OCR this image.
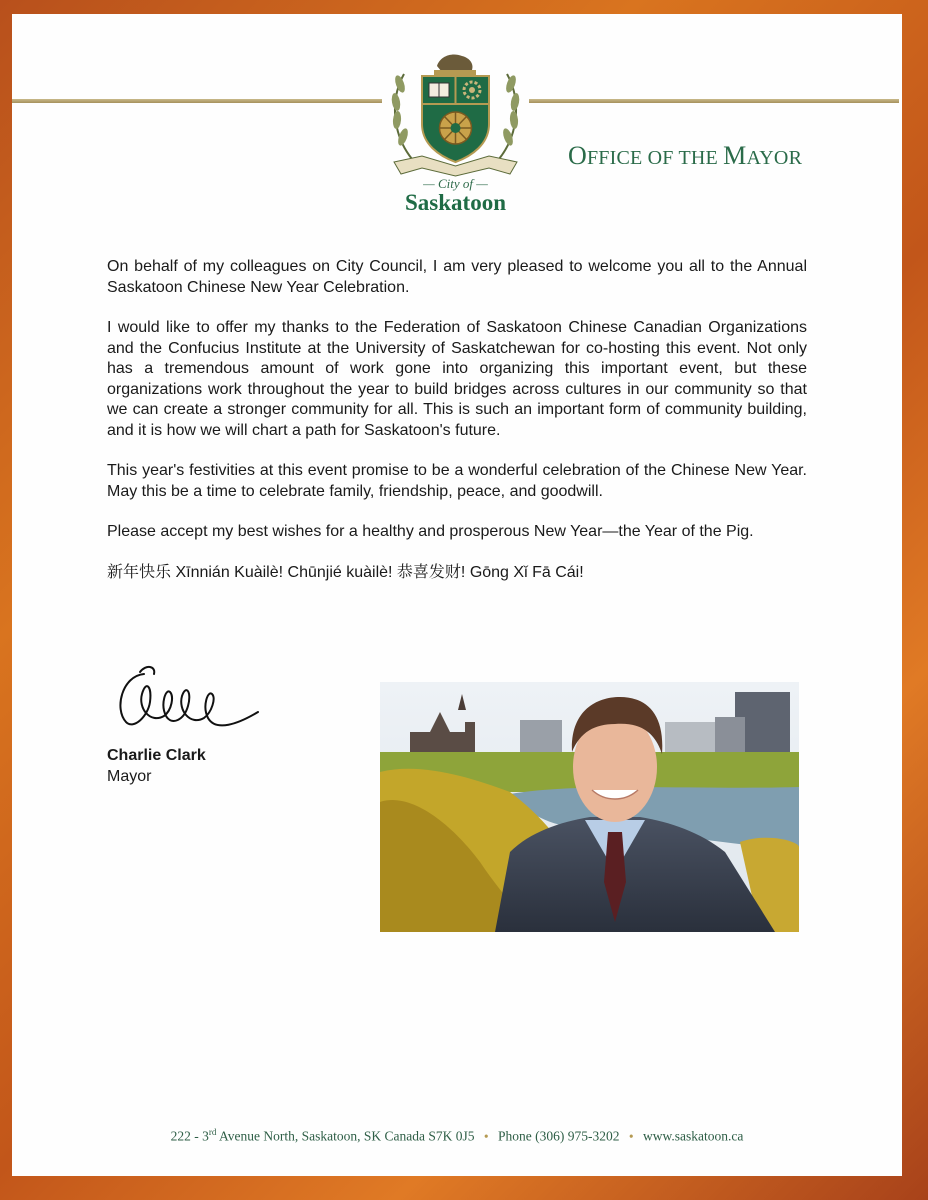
— City of —
Saskatoon
OFFICE OF THE MAYOR

On behalf of my colleagues on City Council, I am very pleased to welcome you all to the Annual Saskatoon Chinese New Year Celebration.

I would like to offer my thanks to the Federation of Saskatoon Chinese Canadian Organizations and the Confucius Institute at the University of Saskatchewan for co-hosting this event. Not only has a tremendous amount of work gone into organizing this important event, but these organizations work throughout the year to build bridges across cultures in our community so that we can create a stronger community for all. This is such an important form of community building, and it is how we will chart a path for Saskatoon's future.

This year's festivities at this event promise to be a wonderful celebration of the Chinese New Year. May this be a time to celebrate family, friendship, peace, and goodwill.

Please accept my best wishes for a healthy and prosperous New Year—the Year of the Pig.

新年快乐 Xīnnián Kuàilè! Chūnjié kuàilè! 恭喜发财! Gōng Xǐ Fā Cái!

Charlie Clark
Mayor
222 - 3rd Avenue North, Saskatoon, SK Canada S7K 0J5 • Phone (306) 975-3202 • www.saskatoon.ca
